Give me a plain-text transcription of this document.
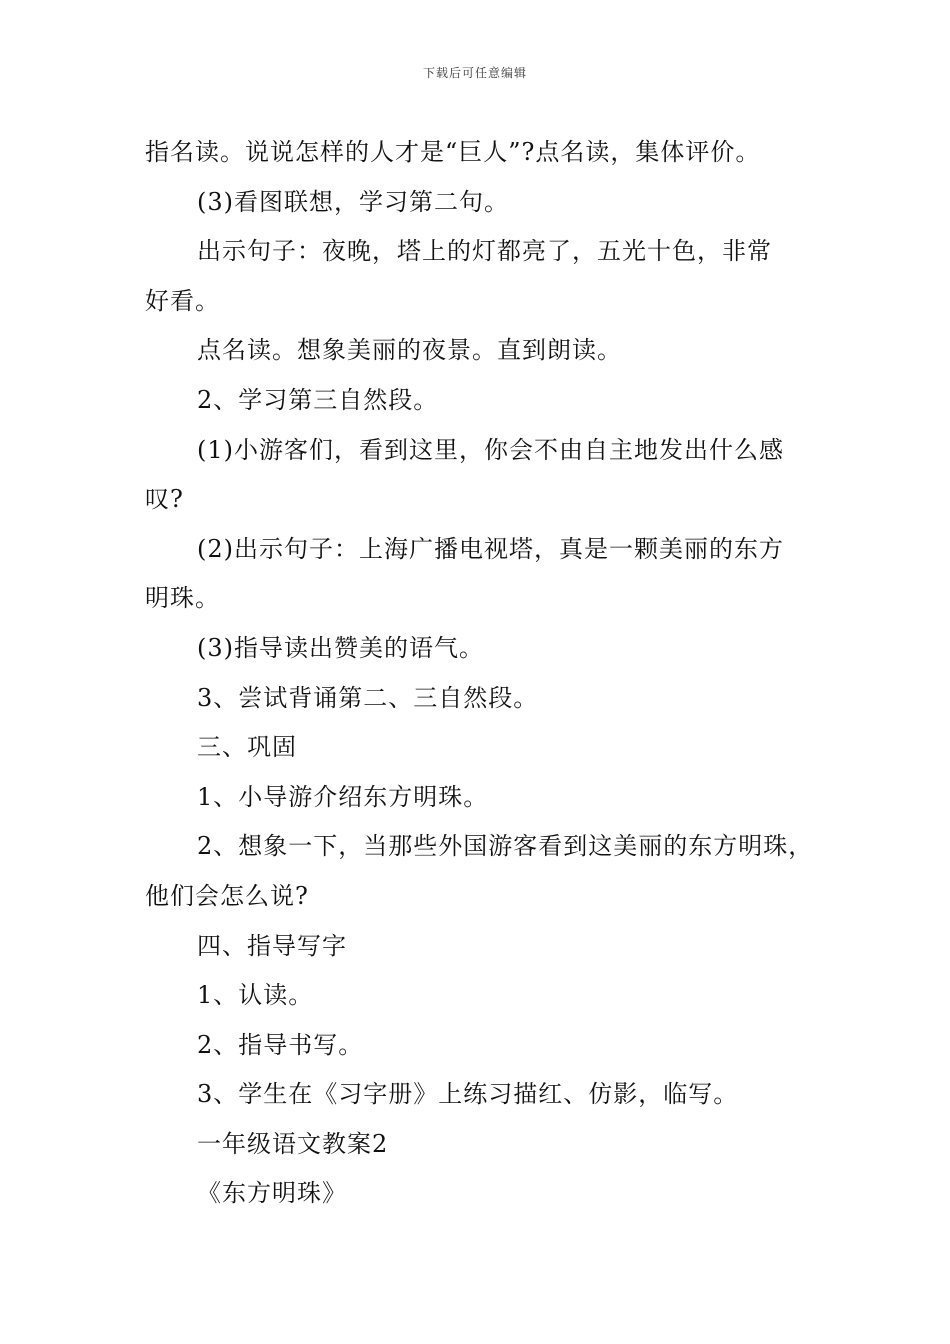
下载后可任意编辑
指名读。说说怎样的人才是“巨人”?点名读，集体评价。
(3)看图联想，学习第二句。
出示句子：夜晚，塔上的灯都亮了，五光十色，非常
好看。
点名读。想象美丽的夜景。直到朗读。
2、学习第三自然段。
(1)小游客们，看到这里，你会不由自主地发出什么感
叹?
(2)出示句子：上海广播电视塔，真是一颗美丽的东方
明珠。
(3)指导读出赞美的语气。
3、尝试背诵第二、三自然段。
三、巩固
1、小导游介绍东方明珠。
2、想象一下，当那些外国游客看到这美丽的东方明珠，
他们会怎么说?
四、指导写字
1、认读。
2、指导书写。
3、学生在《习字册》上练习描红、仿影，临写。
一年级语文教案2
《东方明珠》
